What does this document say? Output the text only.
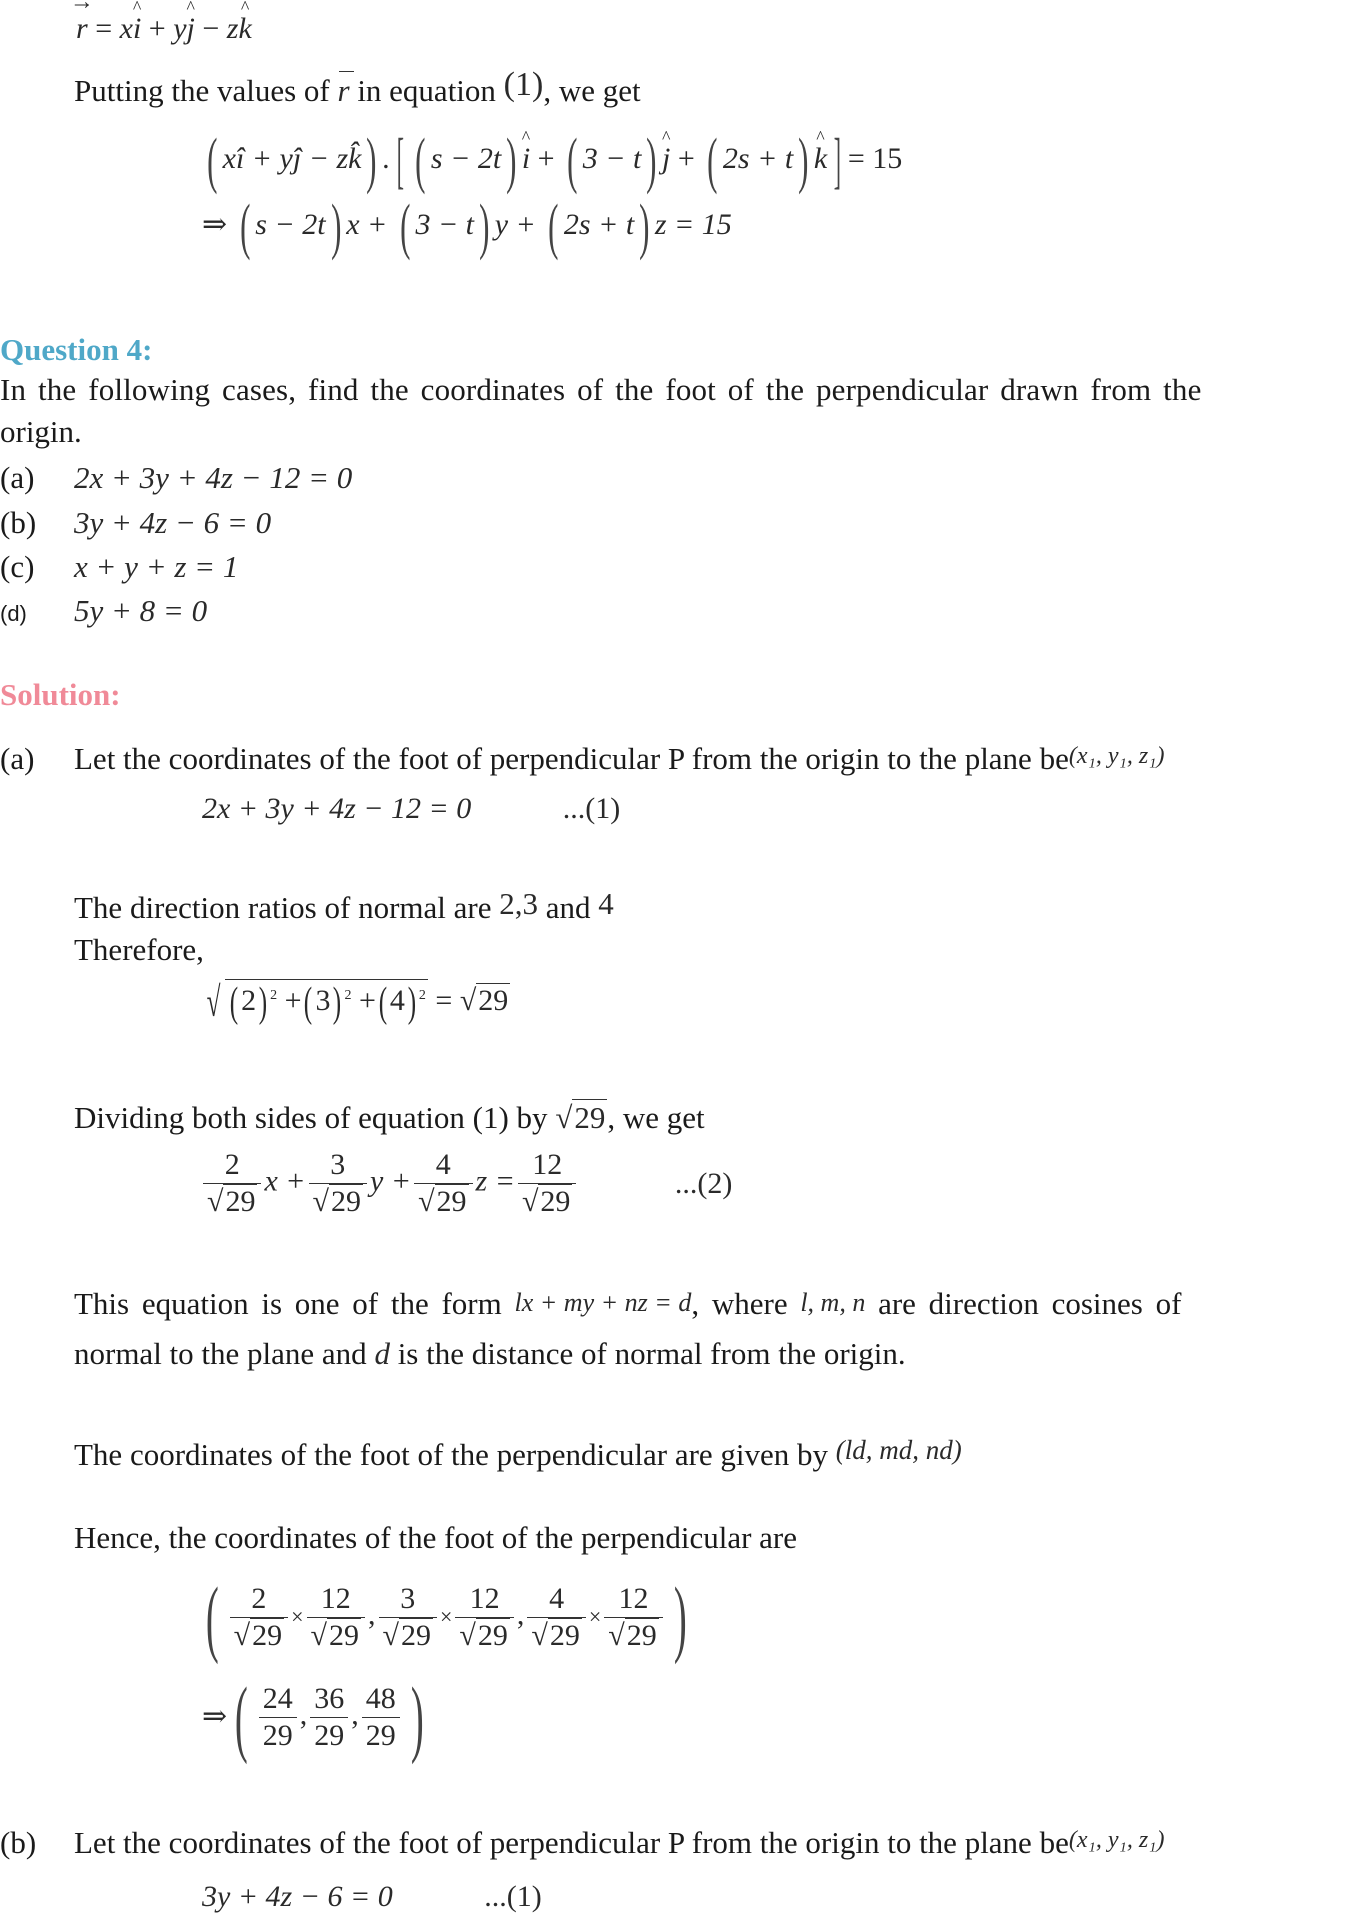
→ r = x^ i + y^ j − z^ k
Putting the values of r in equation (1), we get
( xî + yĵ − zk̂) . [ ( s − 2t) ^ i + ( 3 − t) ^ j + ( 2s + t) ^ k ] = 15
⇒ ( s − 2t) x + ( 3 − t) y + ( 2s + t) z = 15
Question 4:
In the following cases, find the coordinates of the foot of the perpendicular drawn from the
origin.
(a) 2x + 3y + 4z − 12 = 0
(b) 3y + 4z − 6 = 0
(c) x + y + z = 1
(d) 5y + 8 = 0
Solution:
(a) Let the coordinates of the foot of perpendicular P from the origin to the plane be(x₁, y₁, z₁)
2x + 3y + 4z − 12 = 0	...(1)
The direction ratios of normal are 2,3 and 4
Therefore,
√ (2) $^2$ +(3) $^2$ +(4) $^2$ = √29
Dividing both sides of equation (1) by √29, we get
$\frac{2}{√29}$ $x + \frac{3}{√29}$ $y + \frac{4}{√29}$ $z = \frac{12}{√29}$	...(2)
This equation is one of the form lx + my + nz = d, where l, m, n are direction cosines of
normal to the plane and d is the distance of normal from the origin.
The coordinates of the foot of the perpendicular are given by (ld, md, nd)
Hence, the coordinates of the foot of the perpendicular are
( $\frac{2}{√29} \times \frac{12}{√29}$ , $\frac{3}{√29} \times \frac{12}{√29}$ , $\frac{4}{√29} \times \frac{12}{√29}$ )
⇒( $\frac{24}{29}$ , $\frac{36}{29}$ , $\frac{48}{29}$ )
(b) Let the coordinates of the foot of perpendicular P from the origin to the plane be(x₁, y₁, z₁)
3y + 4z − 6 = 0	...(1)
